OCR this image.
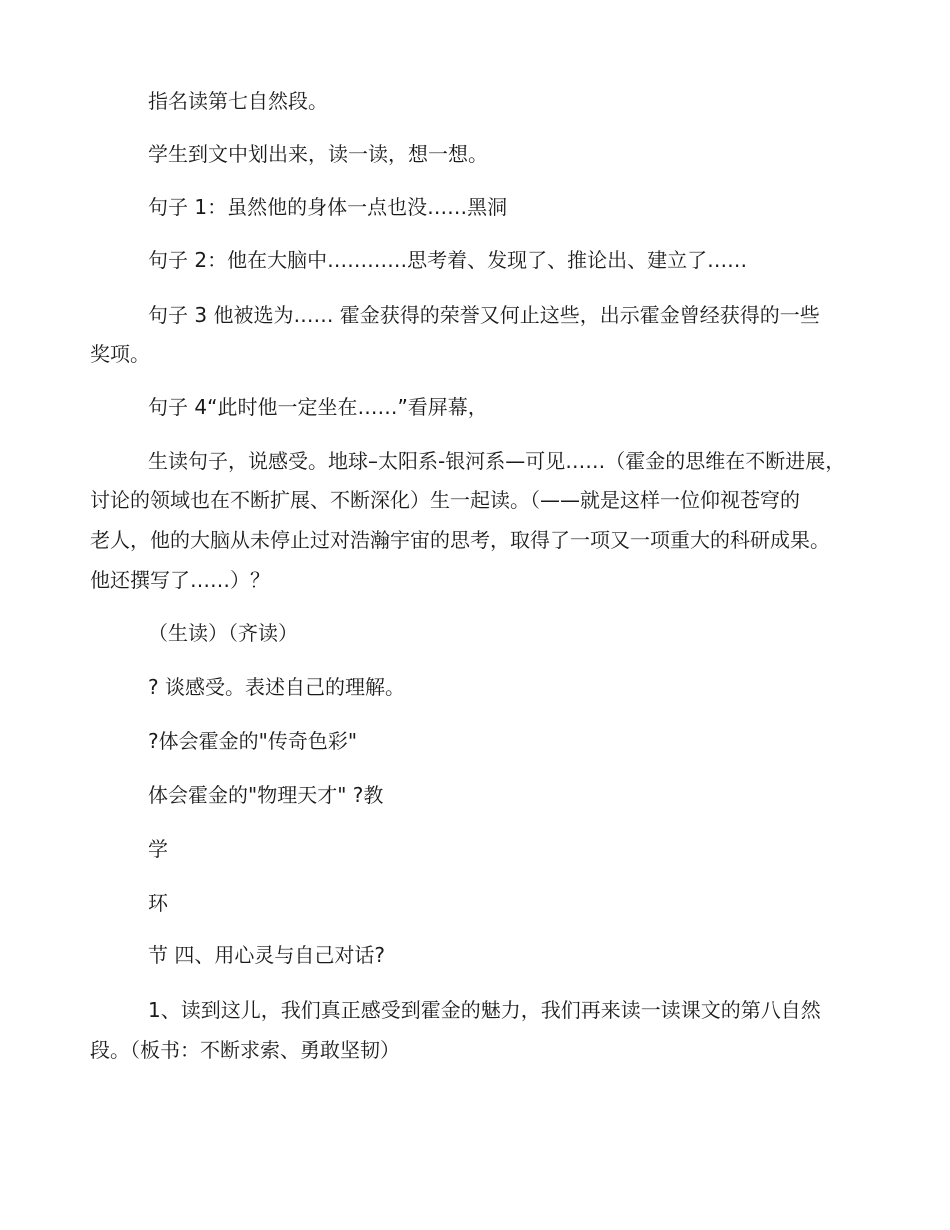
指名读第七自然段。

学生到文中划出来，读一读，想一想。

句子 1：虽然他的身体一点也没……黑洞

句子 2：他在大脑中…………思考着、发现了、推论出、建立了……

句子 3 他被选为…… 霍金获得的荣誉又何止这些，出示霍金曾经获得的一些

奖项。

句子 4“此时他一定坐在……”看屏幕，

生读句子，说感受。地球–太阳系-银河系—可见……（霍金的思维在不断进展，

讨论的领域也在不断扩展、不断深化）生一起读。（——就是这样一位仰视苍穹的

老人，他的大脑从未停止过对浩瀚宇宙的思考，取得了一项又一项重大的科研成果。

他还撰写了……）？

（生读）（齐读）

? 谈感受。表述自己的理解。

?体会霍金的"传奇色彩"

体会霍金的"物理天才" ?教

学

环

节 四、用心灵与自己对话?

1、读到这儿，我们真正感受到霍金的魅力，我们再来读一读课文的第八自然

段。（板书：不断求索、勇敢坚韧）
